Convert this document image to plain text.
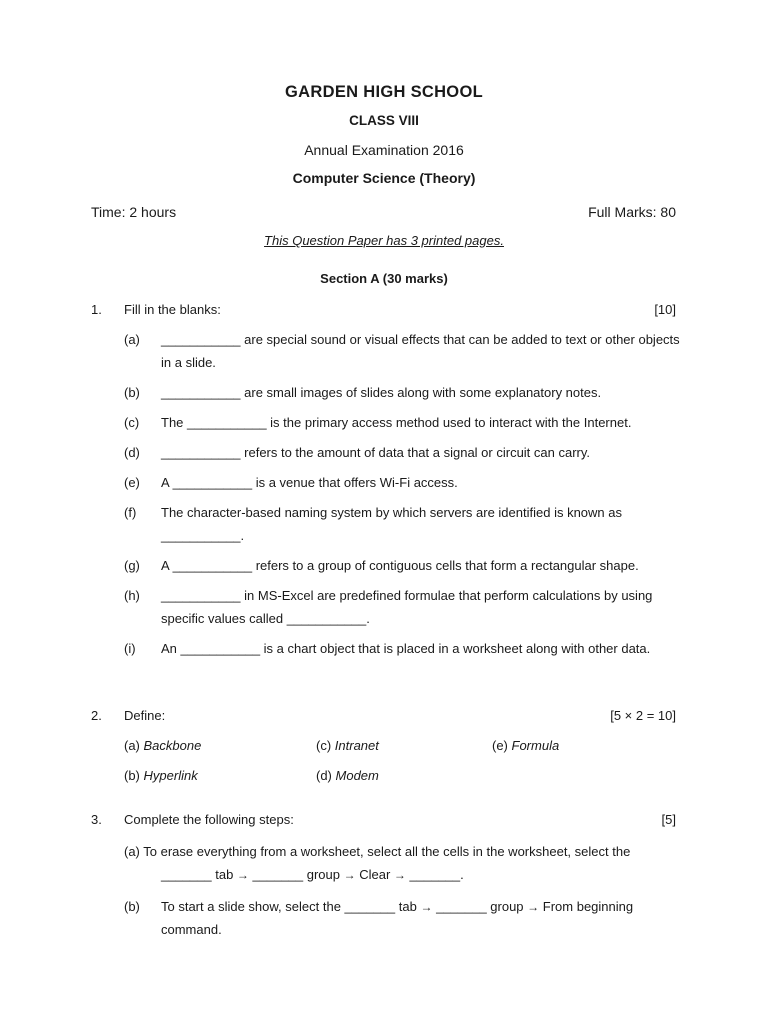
GARDEN HIGH SCHOOL
CLASS VIII
Annual Examination 2016
Computer Science (Theory)
Time: 2 hours	Full Marks: 80
This Question Paper has 3 printed pages.
Section A (30 marks)
1. Fill in the blanks:	[10]
(a) ___________ are special sound or visual effects that can be added to text or other objects in a slide.
(b) ___________ are small images of slides along with some explanatory notes.
(c) The ___________ is the primary access method used to interact with the Internet.
(d) ___________ refers to the amount of data that a signal or circuit can carry.
(e) A ___________ is a venue that offers Wi-Fi access.
(f) The character-based naming system by which servers are identified is known as ___________.
(g) A ___________ refers to a group of contiguous cells that form a rectangular shape.
(h) ___________ in MS-Excel are predefined formulae that perform calculations by using specific values called ___________.
(i) An ___________ is a chart object that is placed in a worksheet along with other data.
2. Define:	[5 × 2 = 10]
(a) Backbone	(c) Intranet	(e) Formula
(b) Hyperlink	(d) Modem
3. Complete the following steps:	[5]
(a) To erase everything from a worksheet, select all the cells in the worksheet, select the
_______ tab → _______ group → Clear → _______.
(b) To start a slide show, select the _______ tab → _______ group → From beginning
command.
